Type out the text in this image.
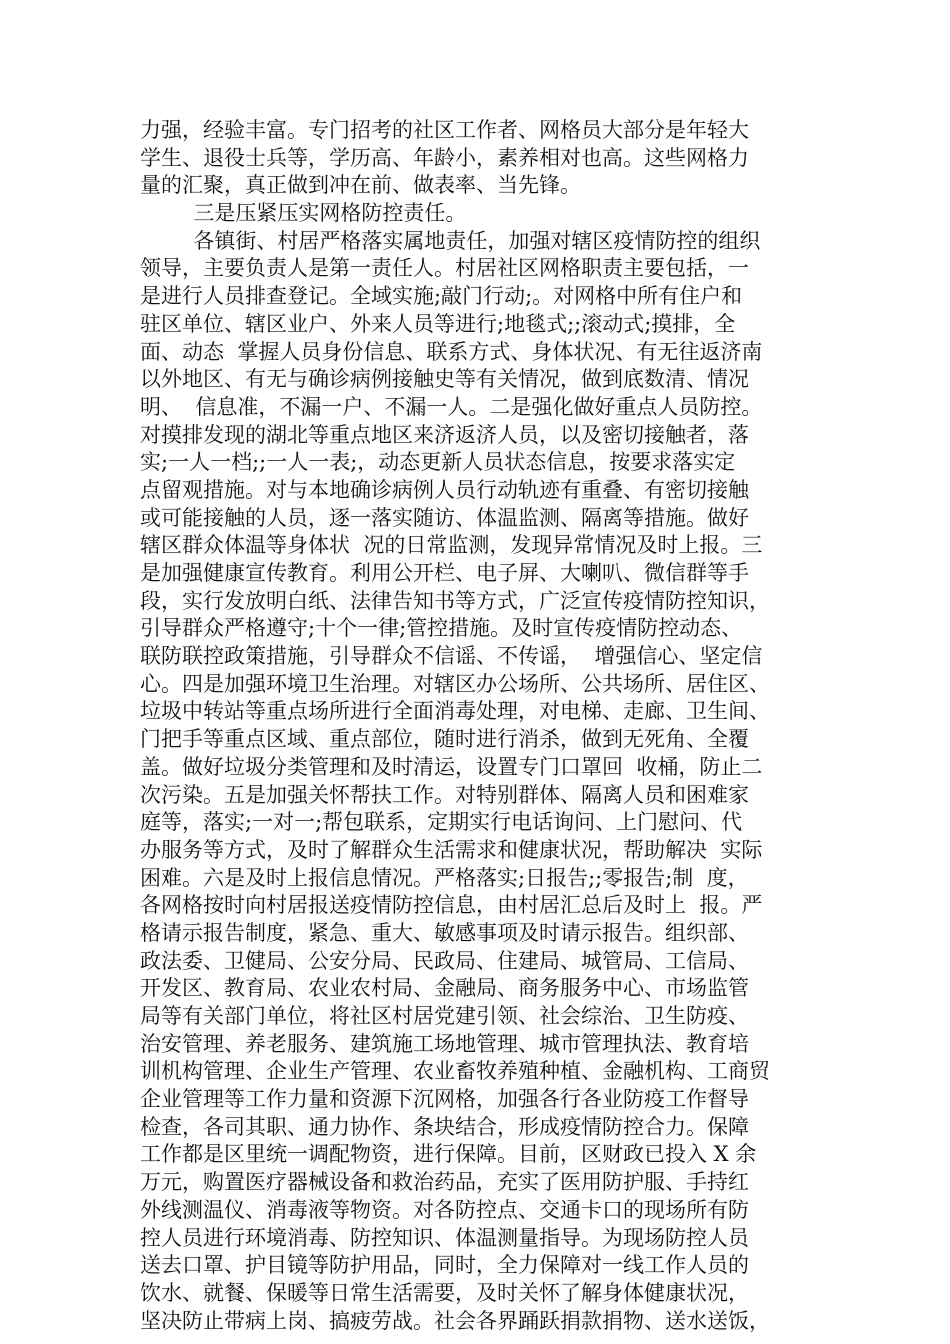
力强，经验丰富。专门招考的社区工作者、网格员大部分是年轻大
学生、退役士兵等，学历高、年龄小，素养相对也高。这些网格力
量的汇聚，真正做到冲在前、做表率、当先锋。
三是压紧压实网格防控责任。
各镇街、村居严格落实属地责任，加强对辖区疫情防控的组织
领导，主要负责人是第一责任人。村居社区网格职责主要包括，一
是进行人员排查登记。全域实施;敲门行动;。对网格中所有住户和
驻区单位、辖区业户、外来人员等进行;地毯式;;滚动式;摸排，全
面、动态  掌握人员身份信息、联系方式、身体状况、有无往返济南
以外地区、有无与确诊病例接触史等有关情况，做到底数清、情况
明、  信息准，不漏一户、不漏一人。二是强化做好重点人员防控。
对摸排发现的湖北等重点地区来济返济人员，以及密切接触者，落
实;一人一档;;一人一表;，动态更新人员状态信息，按要求落实定
点留观措施。对与本地确诊病例人员行动轨迹有重叠、有密切接触
或可能接触的人员，逐一落实随访、体温监测、隔离等措施。做好
辖区群众体温等身体状  况的日常监测，发现异常情况及时上报。三
是加强健康宣传教育。利用公开栏、电子屏、大喇叭、微信群等手
段，实行发放明白纸、法律告知书等方式，广泛宣传疫情防控知识，
引导群众严格遵守;十个一律;管控措施。及时宣传疫情防控动态、
联防联控政策措施，引导群众不信谣、不传谣，  增强信心、坚定信
心。四是加强环境卫生治理。对辖区办公场所、公共场所、居住区、
垃圾中转站等重点场所进行全面消毒处理，对电梯、走廊、卫生间、
门把手等重点区域、重点部位，随时进行消杀，做到无死角、全覆
盖。做好垃圾分类管理和及时清运，设置专门口罩回  收桶，防止二
次污染。五是加强关怀帮扶工作。对特别群体、隔离人员和困难家
庭等，落实;一对一;帮包联系，定期实行电话询问、上门慰问、代
办服务等方式，及时了解群众生活需求和健康状况，帮助解决  实际
困难。六是及时上报信息情况。严格落实;日报告;;零报告;制  度，
各网格按时向村居报送疫情防控信息，由村居汇总后及时上  报。严
格请示报告制度，紧急、重大、敏感事项及时请示报告。组织部、
政法委、卫健局、公安分局、民政局、住建局、城管局、工信局、
开发区、教育局、农业农村局、金融局、商务服务中心、市场监管
局等有关部门单位，将社区村居党建引领、社会综治、卫生防疫、
治安管理、养老服务、建筑施工场地管理、城市管理执法、教育培
训机构管理、企业生产管理、农业畜牧养殖种植、金融机构、工商贸
企业管理等工作力量和资源下沉网格，加强各行各业防疫工作督导
检查，各司其职、通力协作、条块结合，形成疫情防控合力。保障
工作都是区里统一调配物资，进行保障。目前，区财政已投入 X 余
万元，购置医疗器械设备和救治药品，充实了医用防护服、手持红
外线测温仪、消毒液等物资。对各防控点、交通卡口的现场所有防
控人员进行环境消毒、防控知识、体温测量指导。为现场防控人员
送去口罩、护目镜等防护用品，同时，全力保障对一线工作人员的
饮水、就餐、保暖等日常生活需要，及时关怀了解身体健康状况，
坚决防止带病上岗、搞疲劳战。社会各界踊跃捐款捐物、送水送饭，
